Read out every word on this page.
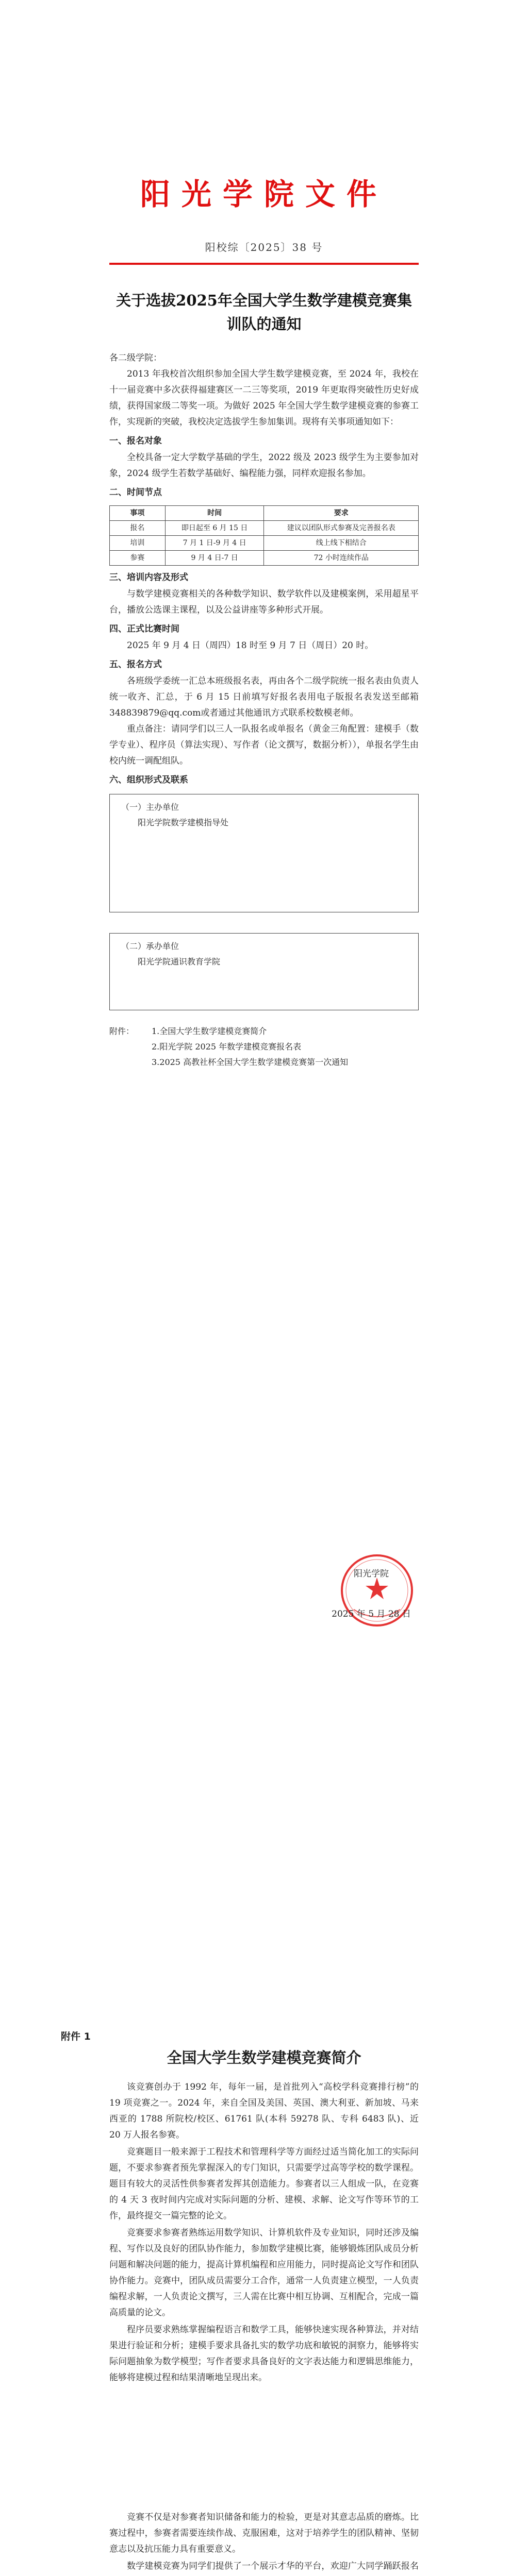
阳光学院文件
阳校综〔2025〕38 号
关于选拔2025年全国大学生数学建模竞赛集训队的通知

各二级学院：

2013 年我校首次组织参加全国大学生数学建模竞赛，至 2024 年，我校在十一届竞赛中多次获得福建赛区一二三等奖项，2019 年更取得突破性历史好成绩，获得国家级二等奖一项。为做好 2025 年全国大学生数学建模竞赛的参赛工作，实现新的突破，我校决定选拔学生参加集训。现将有关事项通知如下：

一、报名对象

全校具备一定大学数学基础的学生，2022 级及 2023 级学生为主要参加对象，2024 级学生若数学基础好、编程能力强，同样欢迎报名参加。

二、时间节点
事项	时间	要求
报名	即日起至 6 月 15 日	建议以团队形式参赛及完善报名表
培训	7 月 1 日-9 月 4 日	线上线下相结合
参赛	9 月 4 日-7 日	72 小时连续作品
三、培训内容及形式

与数学建模竞赛相关的各种数学知识、数学软件以及建模案例，采用超星平台，播放公选课主课程，以及公益讲座等多种形式开展。

四、正式比赛时间

2025 年 9 月 4 日（周四）18 时至 9 月 7 日（周日）20 时。

五、报名方式

各班级学委统一汇总本班级报名表，再由各个二级学院统一报名表由负责人统一收齐、汇总，于 6 月 15 日前填写好报名表用电子版报名表发送至邮箱 348839879@qq.com或者通过其他通讯方式联系校数模老师。

重点备注：请同学们以三人一队报名或单报名（黄金三角配置：建模手（数学专业）、程序员（算法实现）、写作者（论文撰写，数据分析）），单报名学生由校内统一调配组队。

六、组织形式及联系
（一）主办单位
阳光学院数学建模指导处
（二）承办单位
阳光学院通识教育学院
附件： 1.全国大学生数学建模竞赛简介
2.阳光学院 2025 年数学建模竞赛报名表
3.2025 高教社杯全国大学生数学建模竞赛第一次通知
阳光学院
2025 年 5 月 28 日
附件 1
全国大学生数学建模竞赛简介

该竞赛创办于 1992 年，每年一届，是首批列入“高校学科竞赛排行榜”的 19 项竞赛之一。2024 年，来自全国及美国、英国、澳大利亚、新加坡、马来西亚的 1788 所院校/校区、61761 队(本科 59278 队、专科 6483 队)、近 20 万人报名参赛。

竞赛题目一般来源于工程技术和管理科学等方面经过适当简化加工的实际问题，不要求参赛者预先掌握深入的专门知识，只需要学过高等学校的数学课程。题目有较大的灵活性供参赛者发挥其创造能力。参赛者以三人组成一队，在竞赛的 4 天 3 夜时间内完成对实际问题的分析、建模、求解、论文写作等环节的工作，最终提交一篇完整的论文。

竞赛要求参赛者熟练运用数学知识、计算机软件及专业知识，同时还涉及编程、写作以及良好的团队协作能力，参加数学建模比赛，能够锻炼团队成员分析问题和解决问题的能力，提高计算机编程和应用能力，同时提高论文写作和团队协作能力。竞赛中，团队成员需要分工合作，通常一人负责建立模型，一人负责编程求解，一人负责论文撰写，三人需在比赛中相互协调、互相配合，完成一篇高质量的论文。

程序员要求熟练掌握编程语言和数学工具，能够快速实现各种算法，并对结果进行验证和分析；建模手要求具备扎实的数学功底和敏锐的洞察力，能够将实际问题抽象为数学模型；写作者要求具备良好的文字表达能力和逻辑思维能力，能够将建模过程和结果清晰地呈现出来。

竞赛不仅是对参赛者知识储备和能力的检验，更是对其意志品质的磨炼。比赛过程中，参赛者需要连续作战、克服困难，这对于培养学生的团队精神、坚韧意志以及抗压能力具有重要意义。

数学建模竞赛为同学们提供了一个展示才华的平台，欢迎广大同学踊跃报名
